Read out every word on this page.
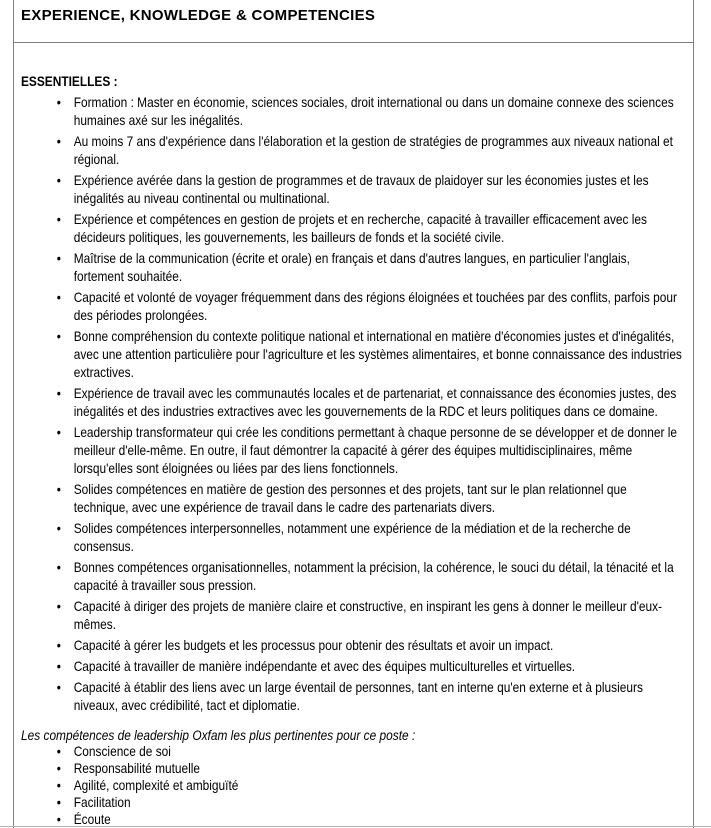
EXPERIENCE, KNOWLEDGE & COMPETENCIES

ESSENTIELLES :

• Formation : Master en économie, sciences sociales, droit international ou dans un domaine connexe des sciences humaines axé sur les inégalités.
• Au moins 7 ans d'expérience dans l'élaboration et la gestion de stratégies de programmes aux niveaux national et régional.
• Expérience avérée dans la gestion de programmes et de travaux de plaidoyer sur les économies justes et les inégalités au niveau continental ou multinational.
• Expérience et compétences en gestion de projets et en recherche, capacité à travailler efficacement avec les décideurs politiques, les gouvernements, les bailleurs de fonds et la société civile.
• Maîtrise de la communication (écrite et orale) en français et dans d'autres langues, en particulier l'anglais, fortement souhaitée.
• Capacité et volonté de voyager fréquemment dans des régions éloignées et touchées par des conflits, parfois pour des périodes prolongées.
• Bonne compréhension du contexte politique national et international en matière d'économies justes et d'inégalités, avec une attention particulière pour l'agriculture et les systèmes alimentaires, et bonne connaissance des industries extractives.
• Expérience de travail avec les communautés locales et de partenariat, et connaissance des économies justes, des inégalités et des industries extractives avec les gouvernements de la RDC et leurs politiques dans ce domaine.
• Leadership transformateur qui crée les conditions permettant à chaque personne de se développer et de donner le meilleur d'elle-même. En outre, il faut démontrer la capacité à gérer des équipes multidisciplinaires, même lorsqu'elles sont éloignées ou liées par des liens fonctionnels.
• Solides compétences en matière de gestion des personnes et des projets, tant sur le plan relationnel que technique, avec une expérience de travail dans le cadre des partenariats divers.
• Solides compétences interpersonnelles, notamment une expérience de la médiation et de la recherche de consensus.
• Bonnes compétences organisationnelles, notamment la précision, la cohérence, le souci du détail, la ténacité et la capacité à travailler sous pression.
• Capacité à diriger des projets de manière claire et constructive, en inspirant les gens à donner le meilleur d'eux-mêmes.
• Capacité à gérer les budgets et les processus pour obtenir des résultats et avoir un impact.
• Capacité à travailler de manière indépendante et avec des équipes multiculturelles et virtuelles.
• Capacité à établir des liens avec un large éventail de personnes, tant en interne qu'en externe et à plusieurs niveaux, avec crédibilité, tact et diplomatie.

Les compétences de leadership Oxfam les plus pertinentes pour ce poste :

• Conscience de soi
• Responsabilité mutuelle
• Agilité, complexité et ambiguïté
• Facilitation
• Écoute
